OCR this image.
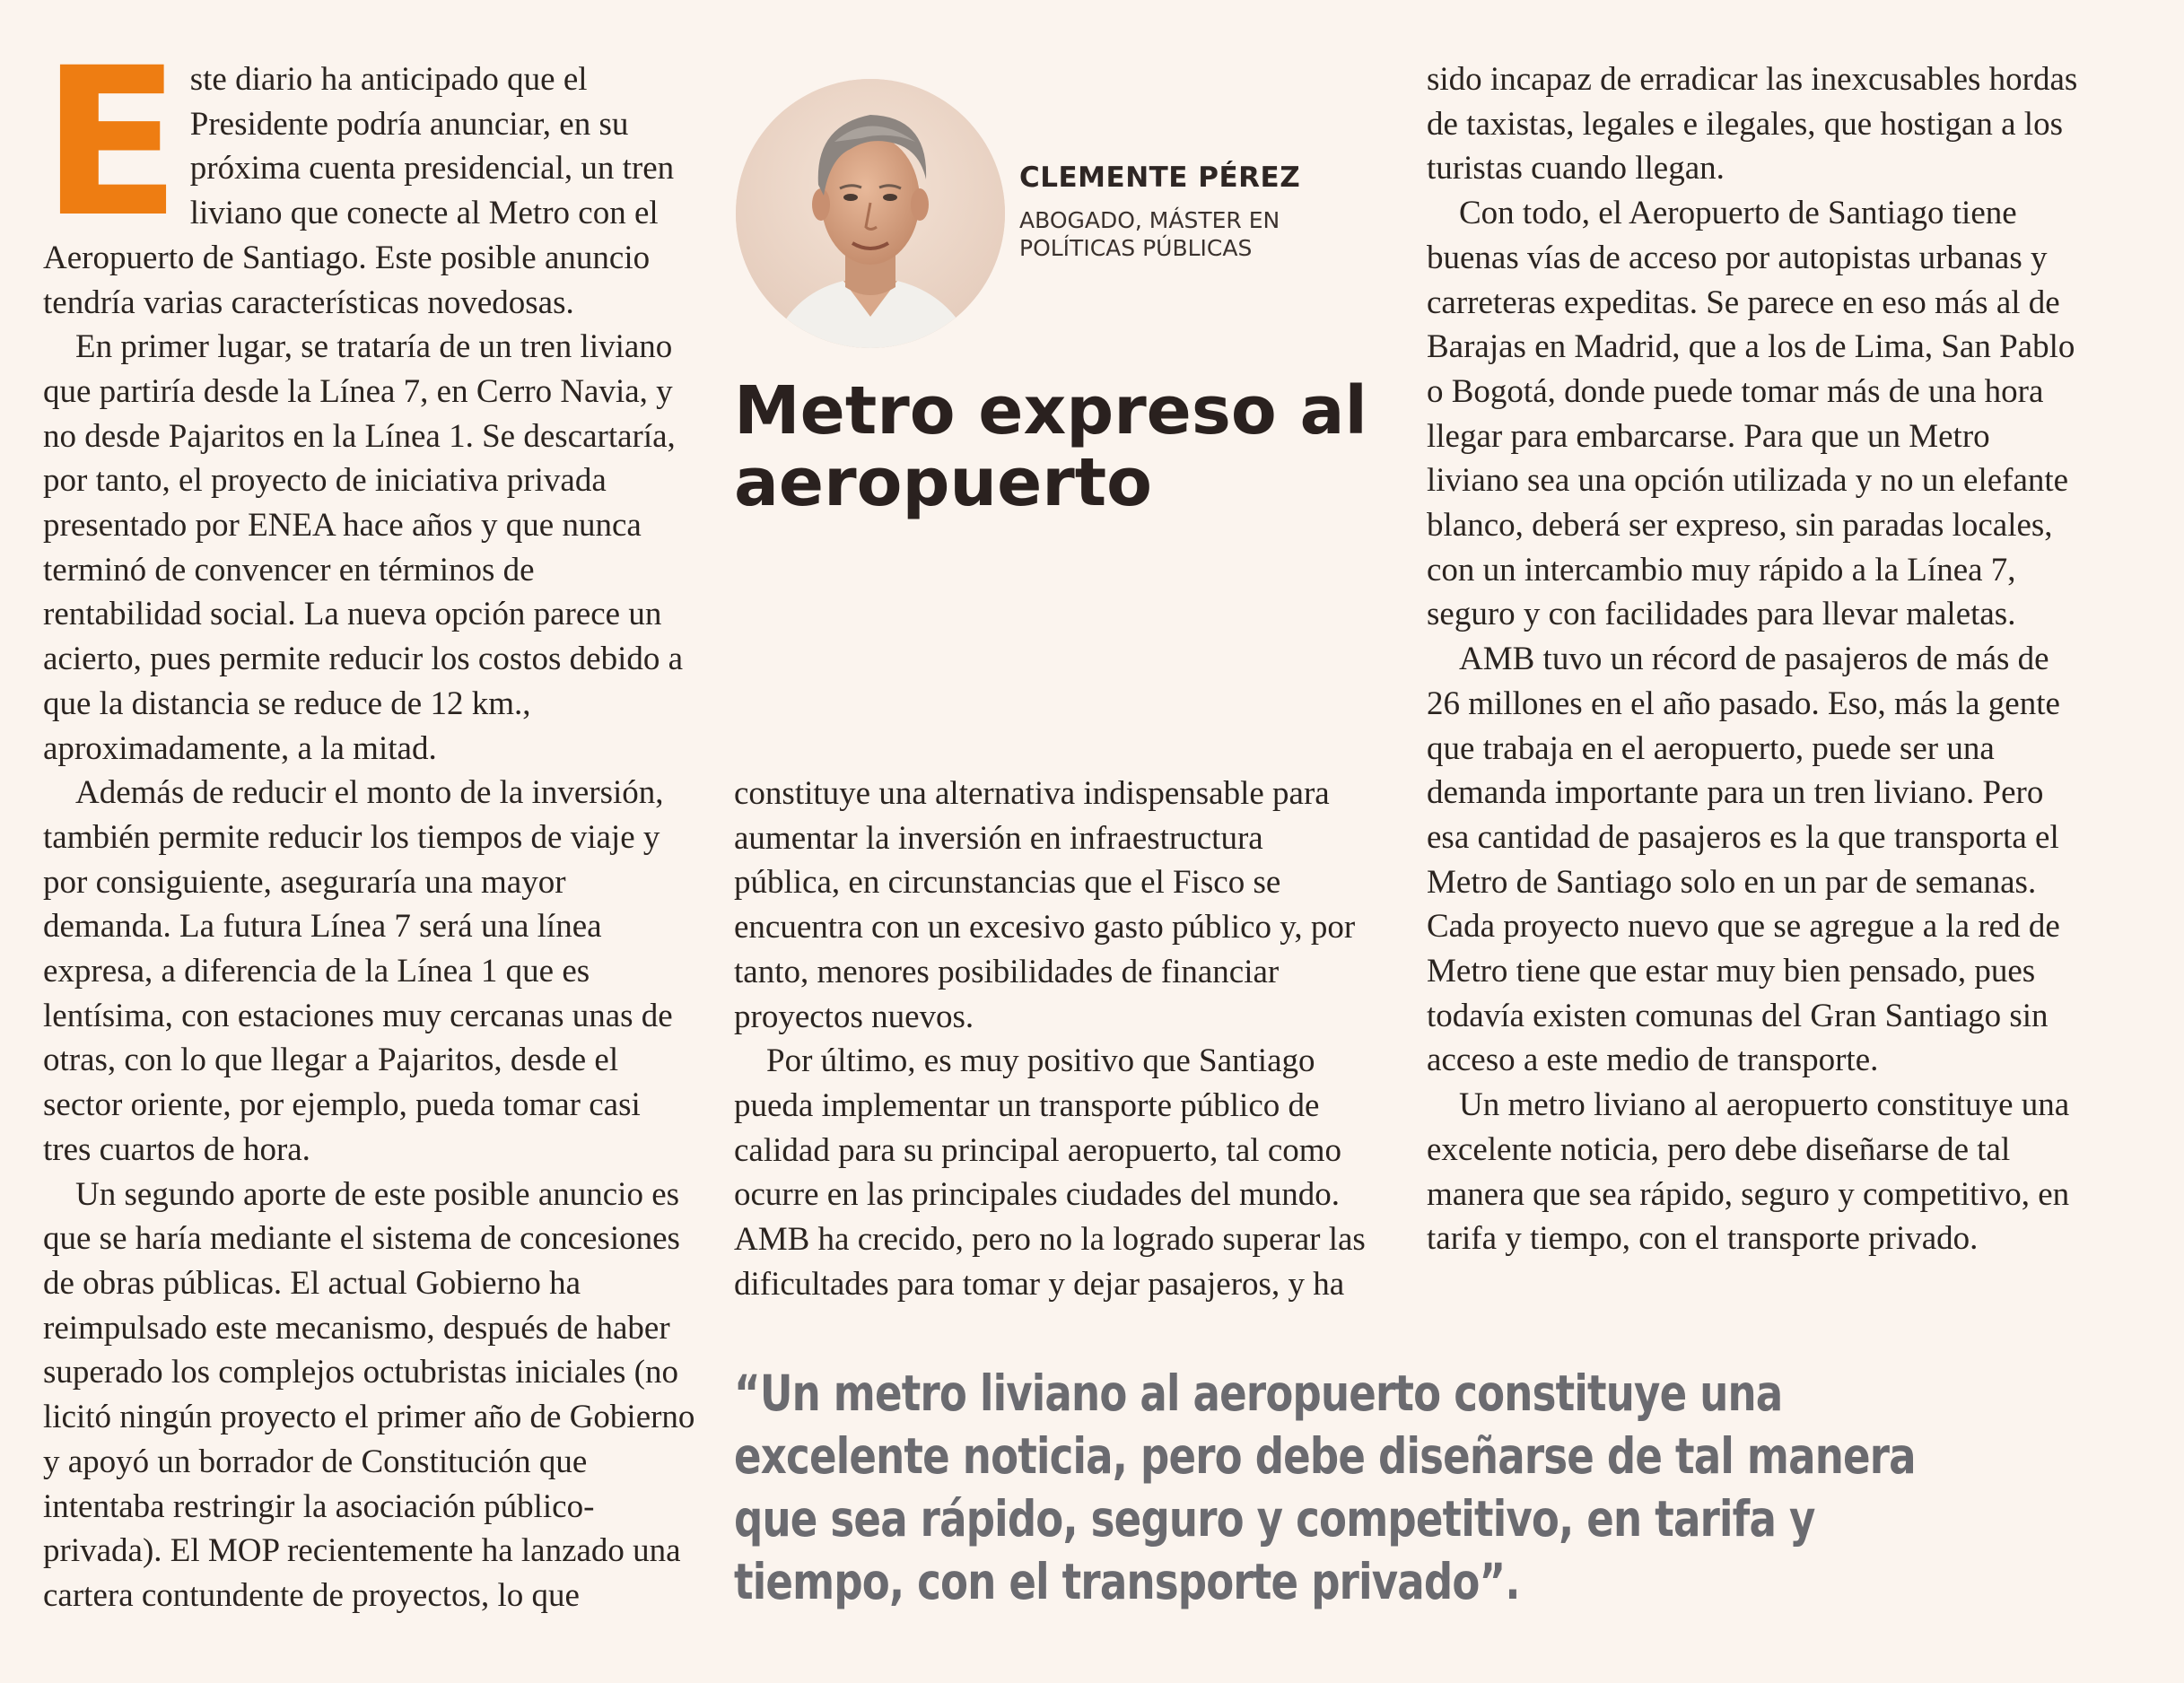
Este diario ha anticipado que el Presidente podría anunciar, en su próxima cuenta presidencial, un tren liviano que conecte al Metro con el Aeropuerto de Santiago. Este posible anuncio tendría varias características novedosas.

En primer lugar, se trataría de un tren liviano que partiría desde la Línea 7, en Cerro Navia, y no desde Pajaritos en la Línea 1. Se descartaría, por tanto, el proyecto de iniciativa privada presentado por ENEA hace años y que nunca terminó de convencer en términos de rentabilidad social. La nueva opción parece un acierto, pues permite reducir los costos debido a que la distancia se reduce de 12 km., aproximadamente, a la mitad.

Además de reducir el monto de la inversión, también permite reducir los tiempos de viaje y por consiguiente, aseguraría una mayor demanda. La futura Línea 7 será una línea expresa, a diferencia de la Línea 1 que es lentísima, con estaciones muy cercanas unas de otras, con lo que llegar a Pajaritos, desde el sector oriente, por ejemplo, pueda tomar casi tres cuartos de hora.

Un segundo aporte de este posible anuncio es que se haría mediante el sistema de concesiones de obras públicas. El actual Gobierno ha reimpulsado este mecanismo, después de haber superado los complejos octubristas iniciales (no licitó ningún proyecto el primer año de Gobierno y apoyó un borrador de Constitución que intentaba restringir la asociación público-privada). El MOP recientemente ha lanzado una cartera contundente de proyectos, lo que

CLEMENTE PÉREZ
ABOGADO, MÁSTER EN POLÍTICAS PÚBLICAS
Metro expreso al aeropuerto

constituye una alternativa indispensable para aumentar la inversión en infraestructura pública, en circunstancias que el Fisco se encuentra con un excesivo gasto público y, por tanto, menores posibilidades de financiar proyectos nuevos.

Por último, es muy positivo que Santiago pueda implementar un transporte público de calidad para su principal aeropuerto, tal como ocurre en las principales ciudades del mundo. AMB ha crecido, pero no la logrado superar las dificultades para tomar y dejar pasajeros, y ha

sido incapaz de erradicar las inexcusables hordas de taxistas, legales e ilegales, que hostigan a los turistas cuando llegan.

Con todo, el Aeropuerto de Santiago tiene buenas vías de acceso por autopistas urbanas y carreteras expeditas. Se parece en eso más al de Barajas en Madrid, que a los de Lima, San Pablo o Bogotá, donde puede tomar más de una hora llegar para embarcarse. Para que un Metro liviano sea una opción utilizada y no un elefante blanco, deberá ser expreso, sin paradas locales, con un intercambio muy rápido a la Línea 7, seguro y con facilidades para llevar maletas.

AMB tuvo un récord de pasajeros de más de 26 millones en el año pasado. Eso, más la gente que trabaja en el aeropuerto, puede ser una demanda importante para un tren liviano. Pero esa cantidad de pasajeros es la que transporta el Metro de Santiago solo en un par de semanas. Cada proyecto nuevo que se agregue a la red de Metro tiene que estar muy bien pensado, pues todavía existen comunas del Gran Santiago sin acceso a este medio de transporte.

Un metro liviano al aeropuerto constituye una excelente noticia, pero debe diseñarse de tal manera que sea rápido, seguro y competitivo, en tarifa y tiempo, con el transporte privado.

“Un metro liviano al aeropuerto constituye una excelente noticia, pero debe diseñarse de tal manera que sea rápido, seguro y competitivo, en tarifa y tiempo, con el transporte privado”.
